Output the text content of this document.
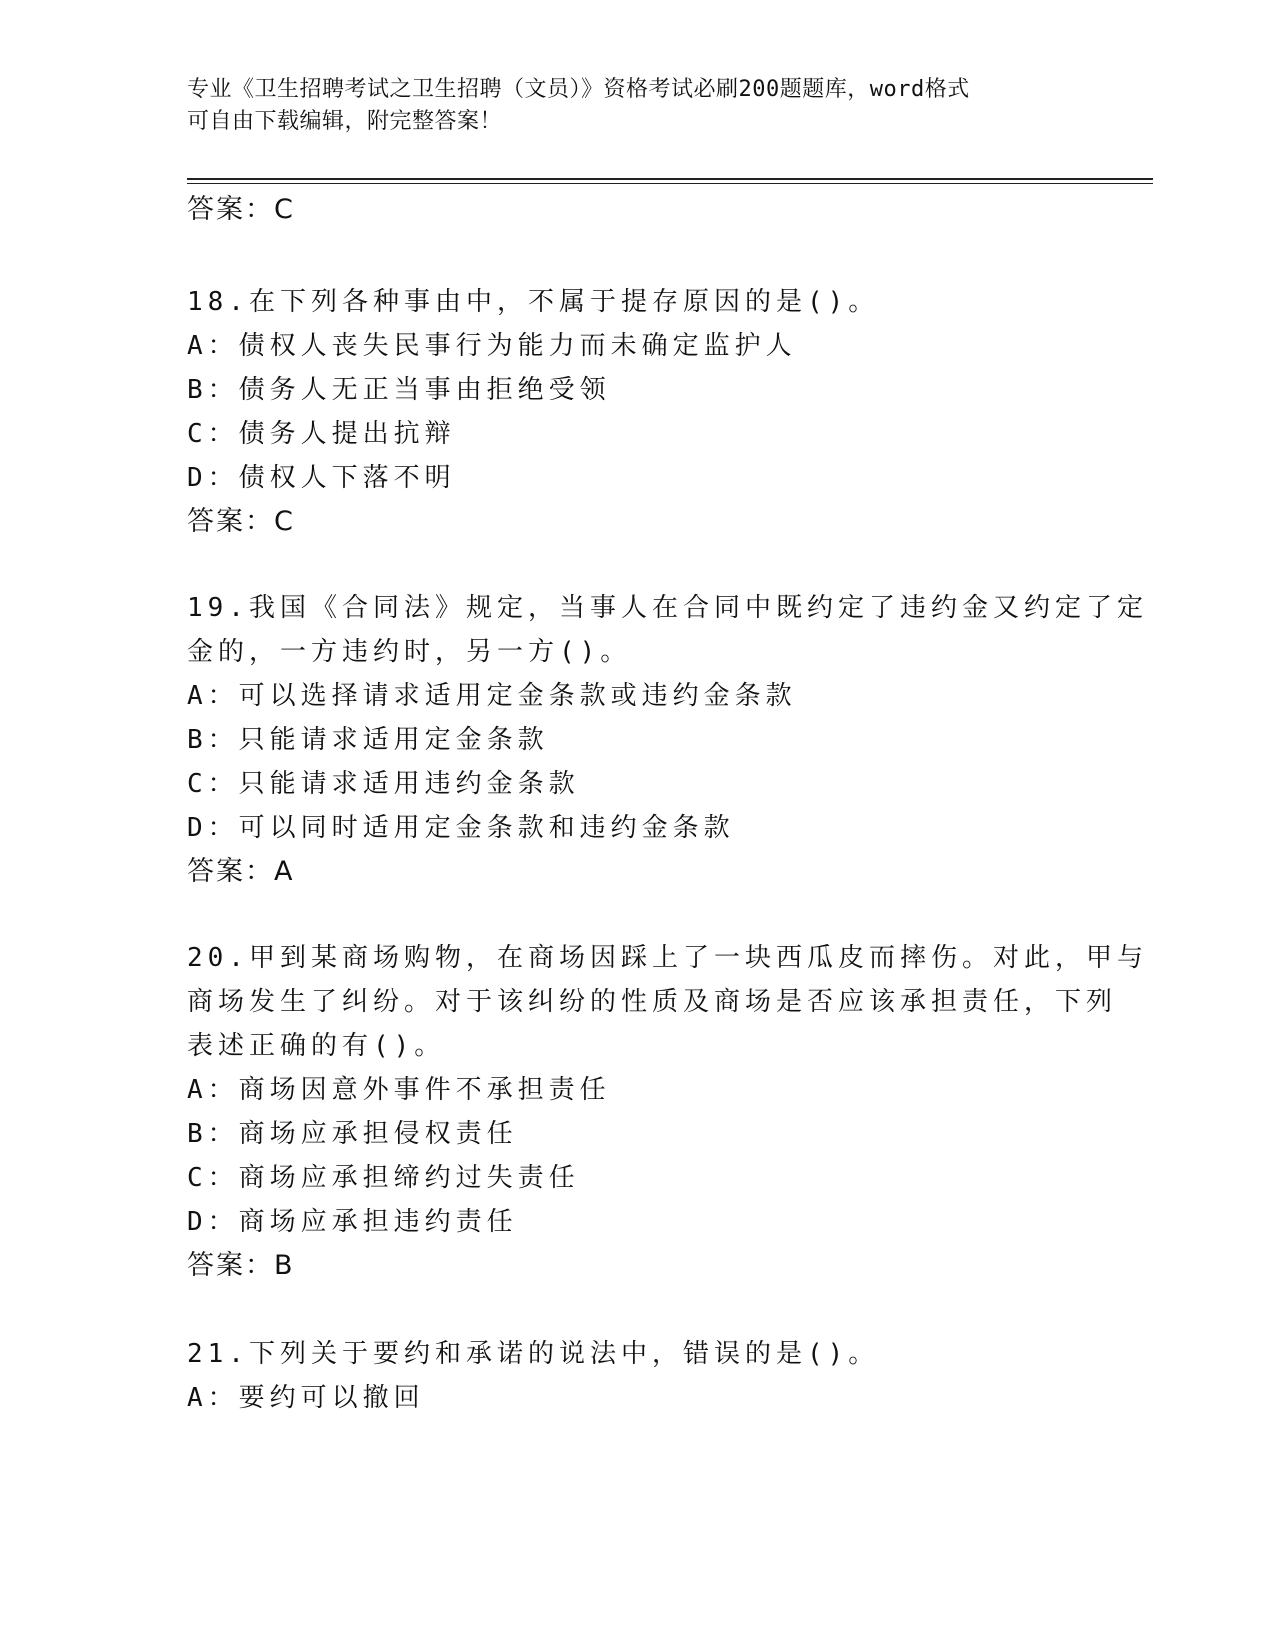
专业《卫生招聘考试之卫生招聘（文员）》资格考试必刷200题题库，word格式
可自由下载编辑，附完整答案！
答案：C
18.在下列各种事由中，不属于提存原因的是()。
A：债权人丧失民事行为能力而未确定监护人
B：债务人无正当事由拒绝受领
C：债务人提出抗辩
D：债权人下落不明
答案：C
19.我国《合同法》规定，当事人在合同中既约定了违约金又约定了定
金的，一方违约时，另一方()。
A：可以选择请求适用定金条款或违约金条款
B：只能请求适用定金条款
C：只能请求适用违约金条款
D：可以同时适用定金条款和违约金条款
答案：A
20.甲到某商场购物，在商场因踩上了一块西瓜皮而摔伤。对此，甲与
商场发生了纠纷。对于该纠纷的性质及商场是否应该承担责任，下列
表述正确的有()。
A：商场因意外事件不承担责任
B：商场应承担侵权责任
C：商场应承担缔约过失责任
D：商场应承担违约责任
答案：B
21.下列关于要约和承诺的说法中，错误的是()。
A：要约可以撤回
